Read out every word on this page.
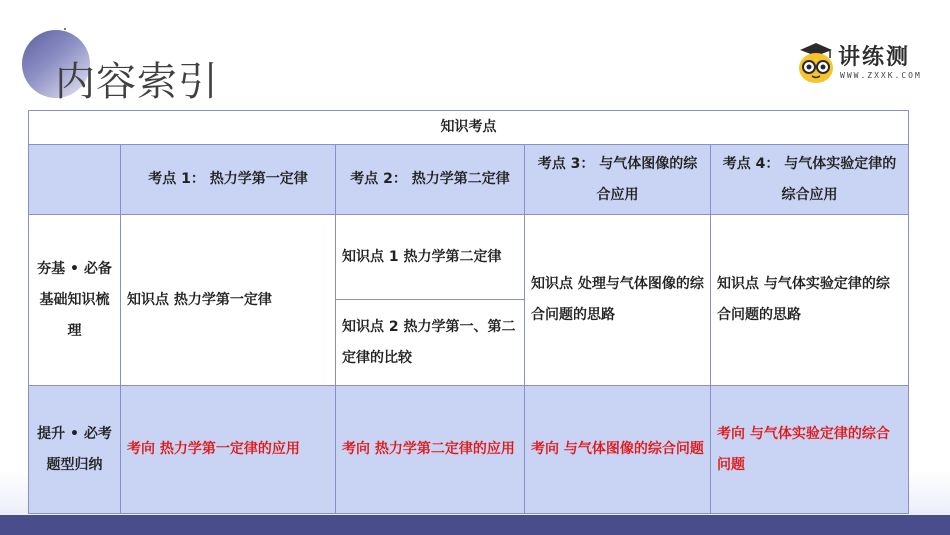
内容索引
讲练测
WWW.ZXXK.COM
知识考点				
	考点 1： 热力学第一定律	考点 2： 热力学第二定律	考点 3： 与气体图像的综合应用	考点 4： 与气体实验定律的综合应用
夯基 • 必备基础知识梳理	知识点 热力学第一定律	知识点 1 热力学第二定律	知识点 处理与气体图像的综合问题的思路	知识点 与气体实验定律的综合问题的思路
		知识点 2 热力学第一、第二定律的比较		
提升 • 必考题型归纳	考向 热力学第一定律的应用	考向 热力学第二定律的应用	考向 与气体图像的综合问题	考向 与气体实验定律的综合问题
